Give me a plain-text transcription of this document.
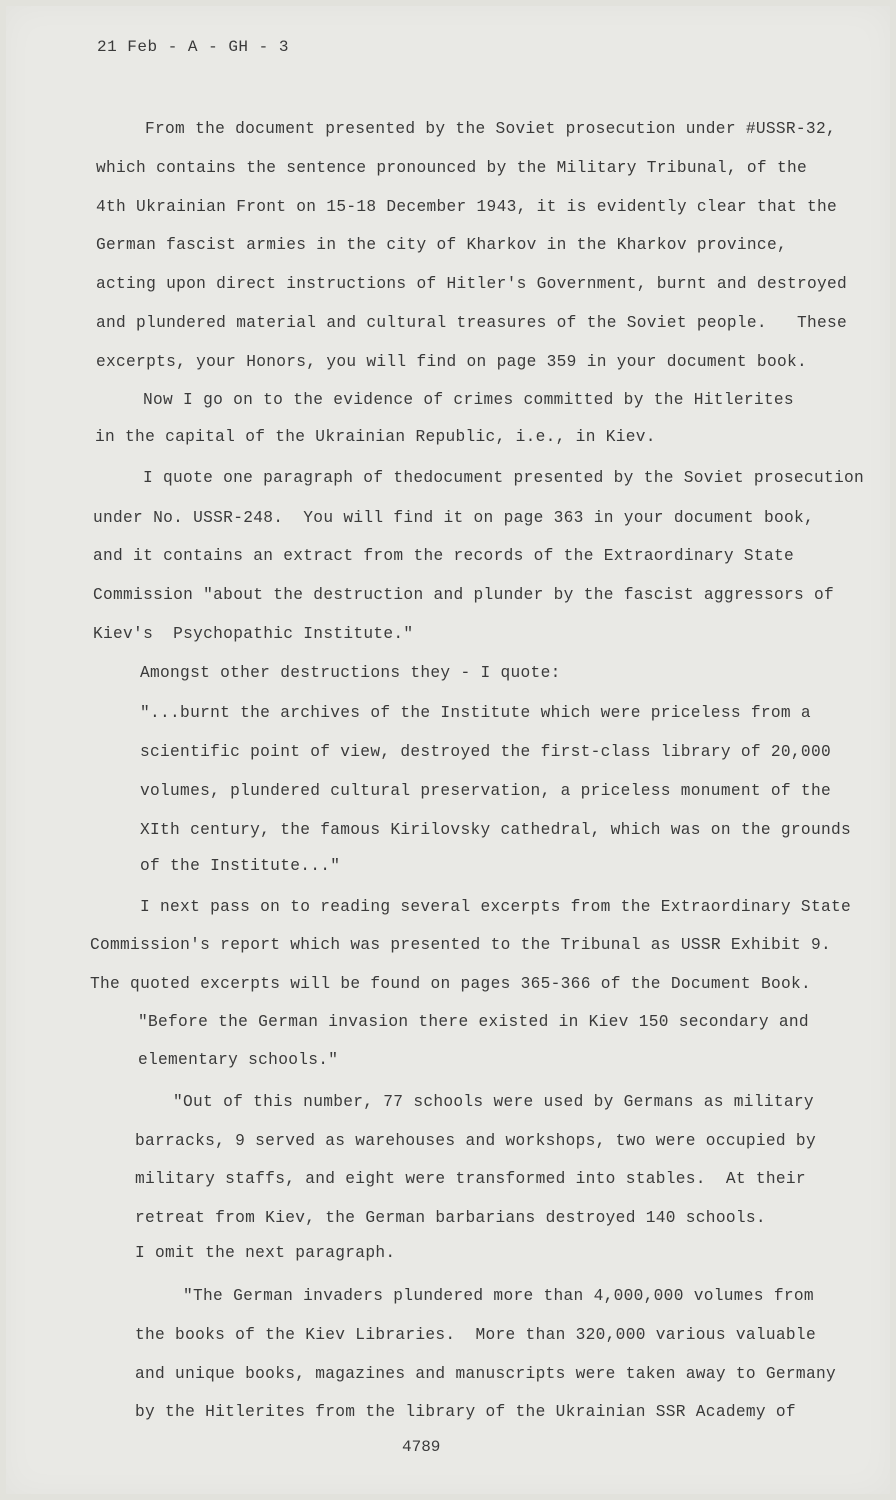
21 Feb - A - GH - 3
From the document presented by the Soviet prosecution under #USSR-32,
which contains the sentence pronounced by the Military Tribunal, of the
4th Ukrainian Front on 15-18 December 1943, it is evidently clear that the
German fascist armies in the city of Kharkov in the Kharkov province,
acting upon direct instructions of Hitler's Government, burnt and destroyed
and plundered material and cultural treasures of the Soviet people.   These
excerpts, your Honors, you will find on page 359 in your document book.
Now I go on to the evidence of crimes committed by the Hitlerites
in the capital of the Ukrainian Republic, i.e., in Kiev.
I quote one paragraph of thedocument presented by the Soviet prosecution
under No. USSR-248.  You will find it on page 363 in your document book,
and it contains an extract from the records of the Extraordinary State
Commission "about the destruction and plunder by the fascist aggressors of
Kiev's  Psychopathic Institute."
Amongst other destructions they - I quote:
"...burnt the archives of the Institute which were priceless from a
scientific point of view, destroyed the first-class library of 20,000
volumes, plundered cultural preservation, a priceless monument of the
XIth century, the famous Kirilovsky cathedral, which was on the grounds
of the Institute..."
I next pass on to reading several excerpts from the Extraordinary State
Commission's report which was presented to the Tribunal as USSR Exhibit 9.
The quoted excerpts will be found on pages 365-366 of the Document Book.
"Before the German invasion there existed in Kiev 150 secondary and
elementary schools."
"Out of this number, 77 schools were used by Germans as military
barracks, 9 served as warehouses and workshops, two were occupied by
military staffs, and eight were transformed into stables.  At their
retreat from Kiev, the German barbarians destroyed 140 schools.
I omit the next paragraph.
"The German invaders plundered more than 4,000,000 volumes from
the books of the Kiev Libraries.  More than 320,000 various valuable
and unique books, magazines and manuscripts were taken away to Germany
by the Hitlerites from the library of the Ukrainian SSR Academy of
4789
